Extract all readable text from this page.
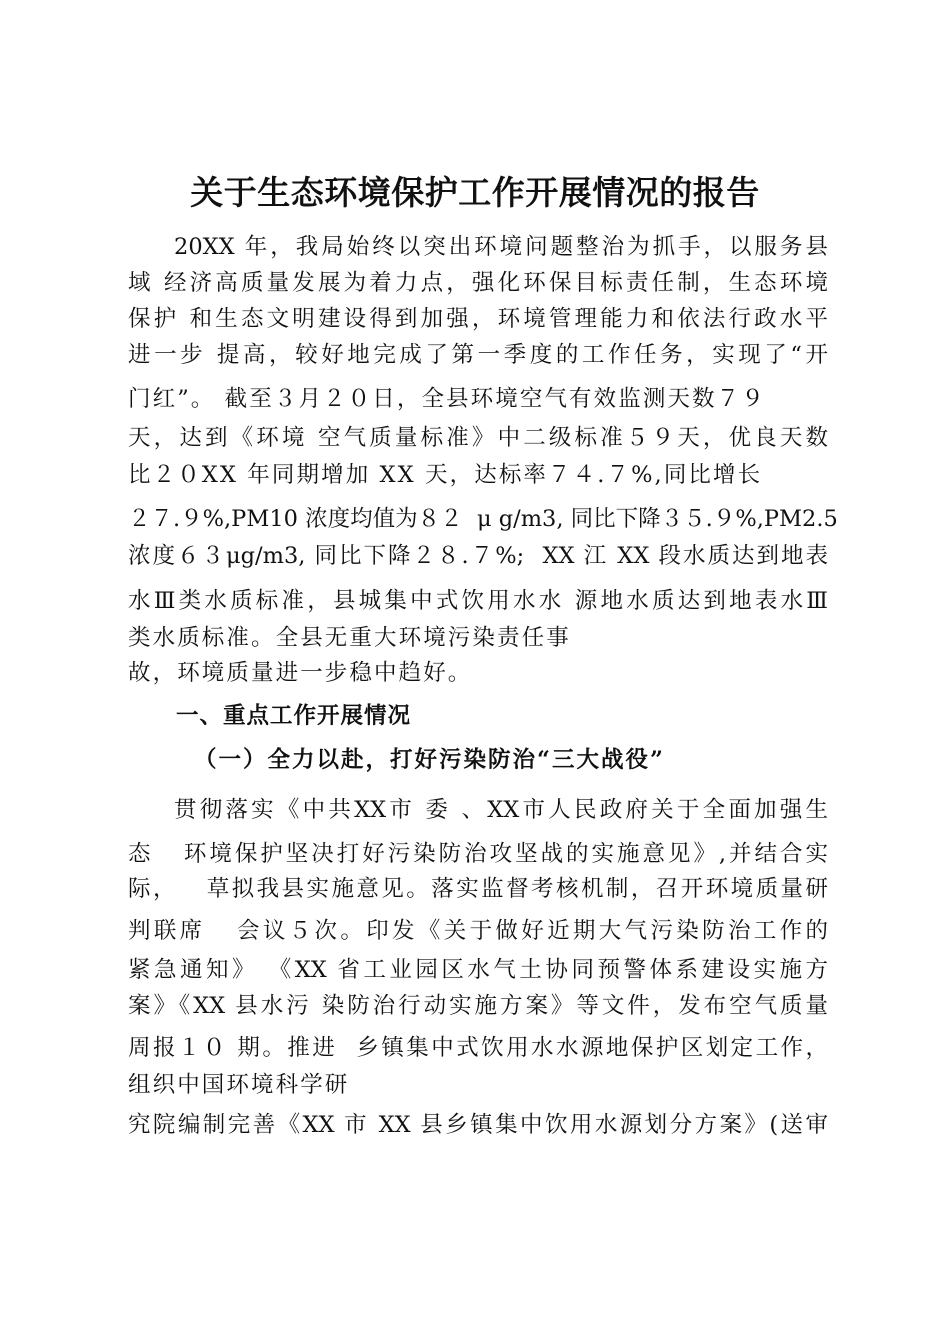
关于生态环境保护工作开展情况的报告
20XX 年，我局始终以突出环境问题整治为抓手，以服务县
域 经济高质量发展为着力点，强化环保目标责任制，生态环境
保护 和生态文明建设得到加强，环境管理能力和依法行政水平
进一步 提高，较好地完成了第一季度的工作任务，实现了“开
门红”。 截至３月２０日，全县环境空气有效监测天数７９
天，达到《环境 空气质量标准》中二级标准５９天，优良天数
比２０XX 年同期增加 XX 天，达标率７４.７%,同比增长
２７.９%,PM10 浓度均值为８２  μ g/m3, 同比下降３５.９%,PM2.5
浓度６３μg/m3, 同比下降２８.７%;  XX 江 XX 段水质达到地表
水Ⅲ类水质标准，县城集中式饮用水水 源地水质达到地表水Ⅲ
类水质标准。全县无重大环境污染责任事
故，环境质量进一步稳中趋好。
一、重点工作开展情况
（一）全力以赴，打好污染防治“三大战役”
贯彻落实《中共XX市 委 、XX市人民政府关于全面加强生
态   环境保护坚决打好污染防治攻坚战的实施意见》,并结合实
际，   草拟我县实施意见。落实监督考核机制，召开环境质量研
判联席   会议５次。印发《关于做好近期大气污染防治工作的
紧急通知》 《XX 省工业园区水气土协同预警体系建设实施方
案》《XX 县水污 染防治行动实施方案》等文件，发布空气质量
周报１０ 期。推进  乡镇集中式饮用水水源地保护区划定工作，
组织中国环境科学研
究院编制完善《XX 市 XX 县乡镇集中饮用水源划分方案》(送审
